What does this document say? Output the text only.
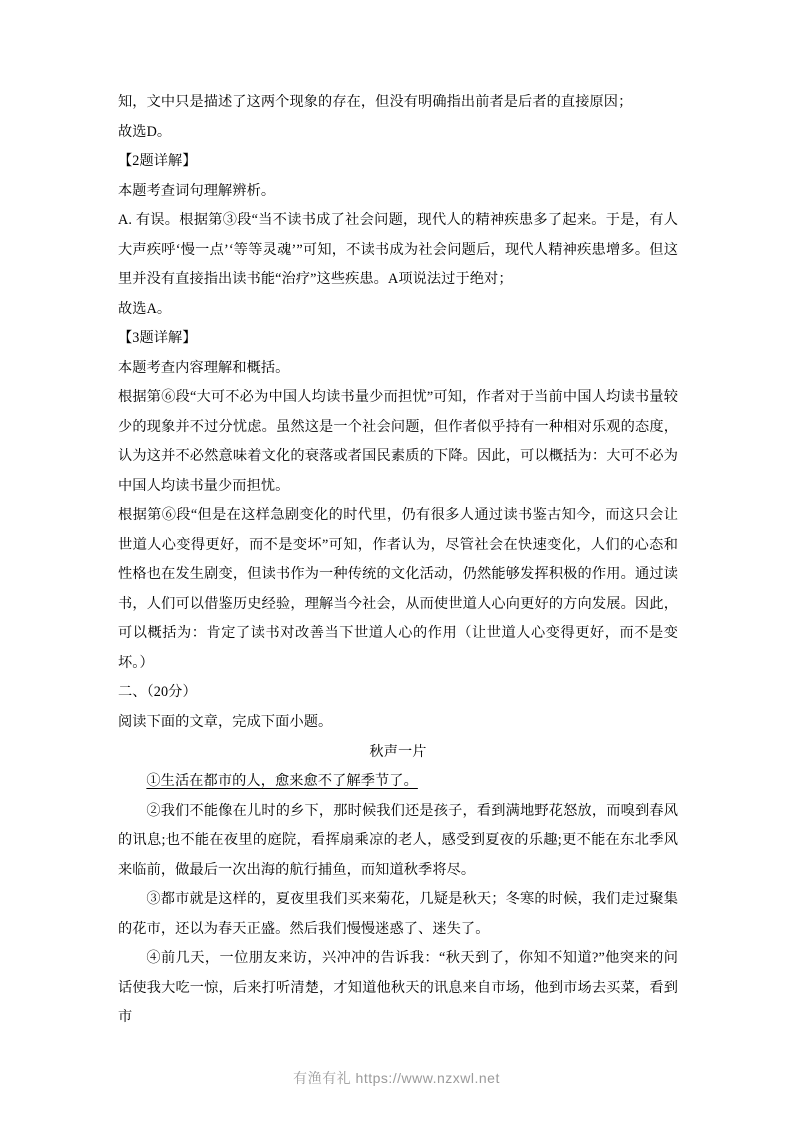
知，文中只是描述了这两个现象的存在，但没有明确指出前者是后者的直接原因；

故选D。

【2题详解】

本题考查词句理解辨析。

A. 有误。根据第③段“当不读书成了社会问题，现代人的精神疾患多了起来。于是，有人大声疾呼‘慢一点’‘等等灵魂’”可知，不读书成为社会问题后，现代人精神疾患增多。但这里并没有直接指出读书能“治疗”这些疾患。A项说法过于绝对；

故选A。

【3题详解】

本题考查内容理解和概括。

根据第⑥段“大可不必为中国人均读书量少而担忧”可知，作者对于当前中国人均读书量较少的现象并不过分忧虑。虽然这是一个社会问题，但作者似乎持有一种相对乐观的态度，认为这并不必然意味着文化的衰落或者国民素质的下降。因此，可以概括为：大可不必为中国人均读书量少而担忧。

根据第⑥段“但是在这样急剧变化的时代里，仍有很多人通过读书鉴古知今，而这只会让世道人心变得更好，而不是变坏”可知，作者认为，尽管社会在快速变化，人们的心态和性格也在发生剧变，但读书作为一种传统的文化活动，仍然能够发挥积极的作用。通过读书，人们可以借鉴历史经验，理解当今社会，从而使世道人心向更好的方向发展。因此，可以概括为：肯定了读书对改善当下世道人心的作用（让世道人心变得更好，而不是变坏。）

二、（20分）

阅读下面的文章，完成下面小题。

秋声一片

①生活在都市的人，愈来愈不了解季节了。

②我们不能像在儿时的乡下，那时候我们还是孩子，看到满地野花怒放，而嗅到春风的讯息;也不能在夜里的庭院，看挥扇乘凉的老人，感受到夏夜的乐趣;更不能在东北季风来临前，做最后一次出海的航行捕鱼，而知道秋季将尽。

③都市就是这样的，夏夜里我们买来菊花，几疑是秋天；冬寒的时候，我们走过聚集的花市，还以为春天正盛。然后我们慢慢迷惑了、迷失了。

④前几天，一位朋友来访，兴冲冲的告诉我：“秋天到了，你知不知道?”他突来的问话使我大吃一惊，后来打听清楚，才知道他秋天的讯息来自市场，他到市场去买菜，看到市

有渔有礼 https://www.nzxwl.net
